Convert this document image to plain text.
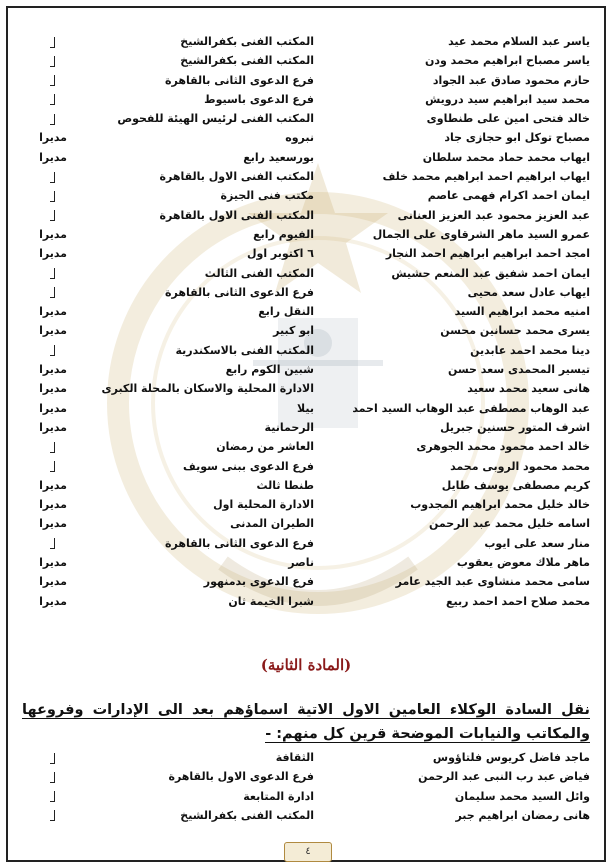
ياسر عبد السلام محمد عيد
المكتب الفنى بكفرالشيخ
ياسر مصباح ابراهيم محمد ودن
المكتب الفنى بكفرالشيخ
حازم محمود صادق عبد الجواد
فرع الدعوى الثانى بالقاهرة
محمد سيد ابراهيم سيد درويش
فرع الدعوى باسيوط
خالد فتحى امين على طنطاوى
المكتب الفنى لرئيس الهيئة للفحوص
مصباح توكل ابو حجازى جاد
نبروه
مديرا
ايهاب محمد حماد محمد سلطان
بورسعيد رابع
مديرا
ايهاب ابراهيم احمد ابراهيم محمد خلف
المكتب الفنى الاول بالقاهرة
ايمان احمد اكرام فهمى عاصم
مكتب فنى الجيزة
عبد العزيز محمود عبد العزيز العنانى
المكتب الفنى الاول بالقاهرة
عمرو السيد ماهر الشرقاوى على الجمال
الفيوم رابع
مديرا
امجد احمد ابراهيم ابراهيم احمد النجار
٦ اكتوبر اول
مديرا
ايمان احمد شفيق عبد المنعم حشيش
المكتب الفنى الثالث
ايهاب عادل سعد محيى
فرع الدعوى الثانى بالقاهرة
امنيه محمد ابراهيم السيد
النقل رابع
مديرا
يسرى محمد حسانين محسن
ابو كبير
مديرا
دينا محمد احمد عابدين
المكتب الفنى بالاسكندرية
تيسير المحمدى سعد حسن
شبين الكوم رابع
مديرا
هانى سعيد محمد سعيد
الادارة المحلية والاسكان بالمحلة الكبرى
مديرا
عبد الوهاب مصطفى عبد الوهاب السيد احمد
بيلا
مديرا
اشرف المتور حسنين جبريل
الرحمانية
مديرا
خالد احمد محمود محمد الجوهرى
العاشر من رمضان
محمد محمود الروبى محمد
فرع الدعوى ببنى سويف
كريم مصطفى يوسف طايل
طنطا ثالث
مديرا
خالد خليل محمد ابراهيم المجدوب
الادارة المحلية اول
مديرا
اسامه خليل محمد عبد الرحمن
الطيران المدنى
مديرا
منار سعد على ايوب
فرع الدعوى الثانى بالقاهرة
ماهر ملاك معوض يعقوب
ناصر
مديرا
سامى محمد منشاوى عبد الجيد عامر
فرع الدعوى بدمنهور
مديرا
محمد صلاح احمد احمد ربيع
شبرا الخيمة ثان
مديرا
(المادة الثانية)
نقل السادة الوكلاء العامين الاول الاتية اسماؤهم بعد الى الإدارات وفروعها والمكاتب والنيابات الموضحة قرين كل منهم: -
ماجد فاضل كريوس فلتاؤوس
الثقافة
فياض عبد رب النبى عبد الرحمن
فرع الدعوى الاول بالقاهرة
وائل السيد محمد سليمان
ادارة المتابعة
هانى رمضان ابراهيم جبر
المكتب الفنى بكفرالشيخ
٤
